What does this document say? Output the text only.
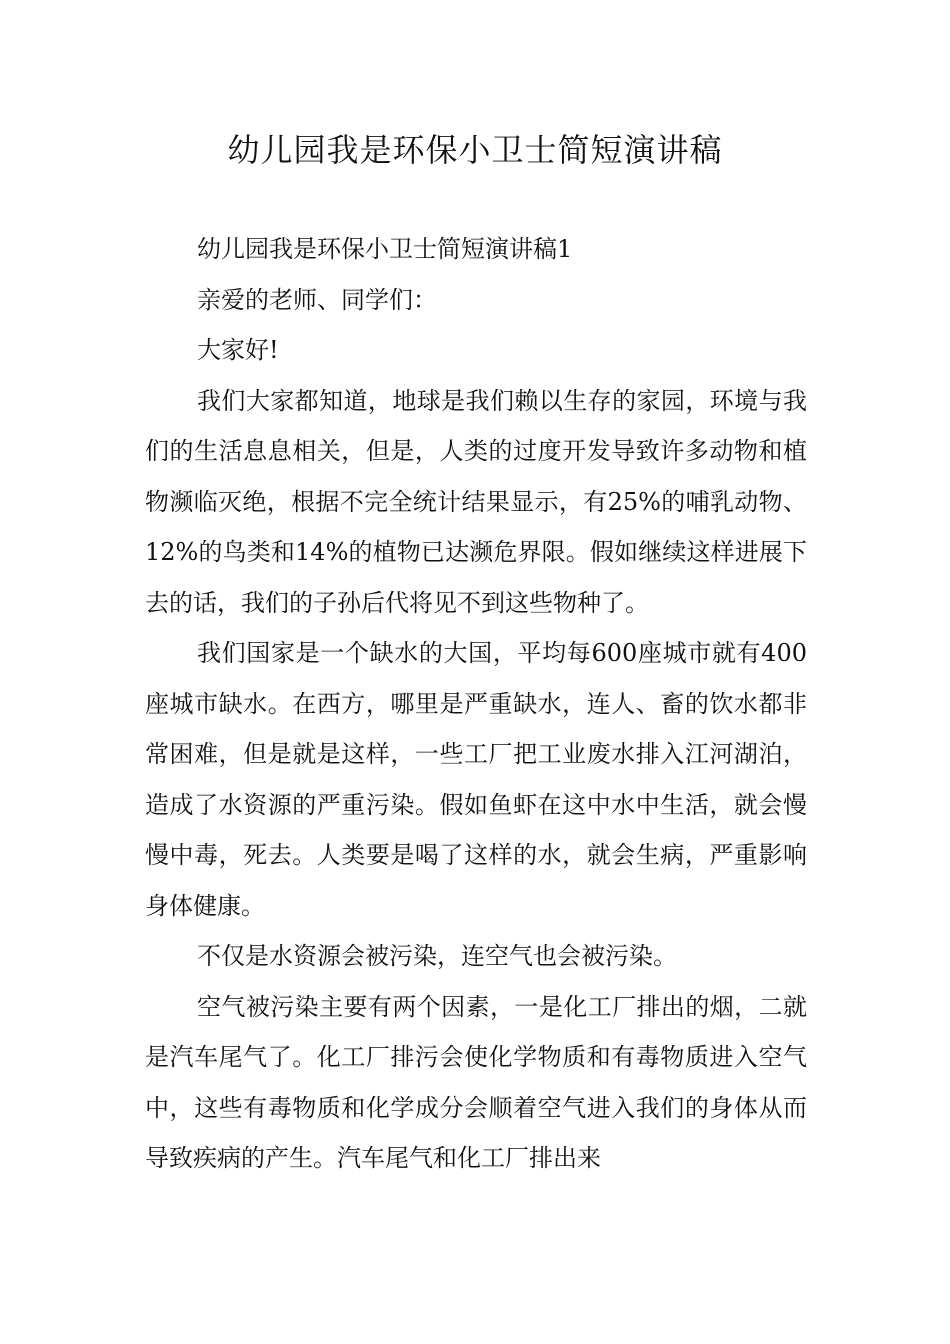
幼儿园我是环保小卫士简短演讲稿

幼儿园我是环保小卫士简短演讲稿1

亲爱的老师、同学们：

大家好!

我们大家都知道，地球是我们赖以生存的家园，环境与我们的生活息息相关，但是，人类的过度开发导致许多动物和植物濒临灭绝，根据不完全统计结果显示，有25%的哺乳动物、12%的鸟类和14%的植物已达濒危界限。假如继续这样进展下去的话，我们的子孙后代将见不到这些物种了。

我们国家是一个缺水的大国，平均每600座城市就有400座城市缺水。在西方，哪里是严重缺水，连人、畜的饮水都非常困难，但是就是这样，一些工厂把工业废水排入江河湖泊，造成了水资源的严重污染。假如鱼虾在这中水中生活，就会慢慢中毒，死去。人类要是喝了这样的水，就会生病，严重影响身体健康。

不仅是水资源会被污染，连空气也会被污染。

空气被污染主要有两个因素，一是化工厂排出的烟，二就是汽车尾气了。化工厂排污会使化学物质和有毒物质进入空气中，这些有毒物质和化学成分会顺着空气进入我们的身体从而导致疾病的产生。汽车尾气和化工厂排出来
